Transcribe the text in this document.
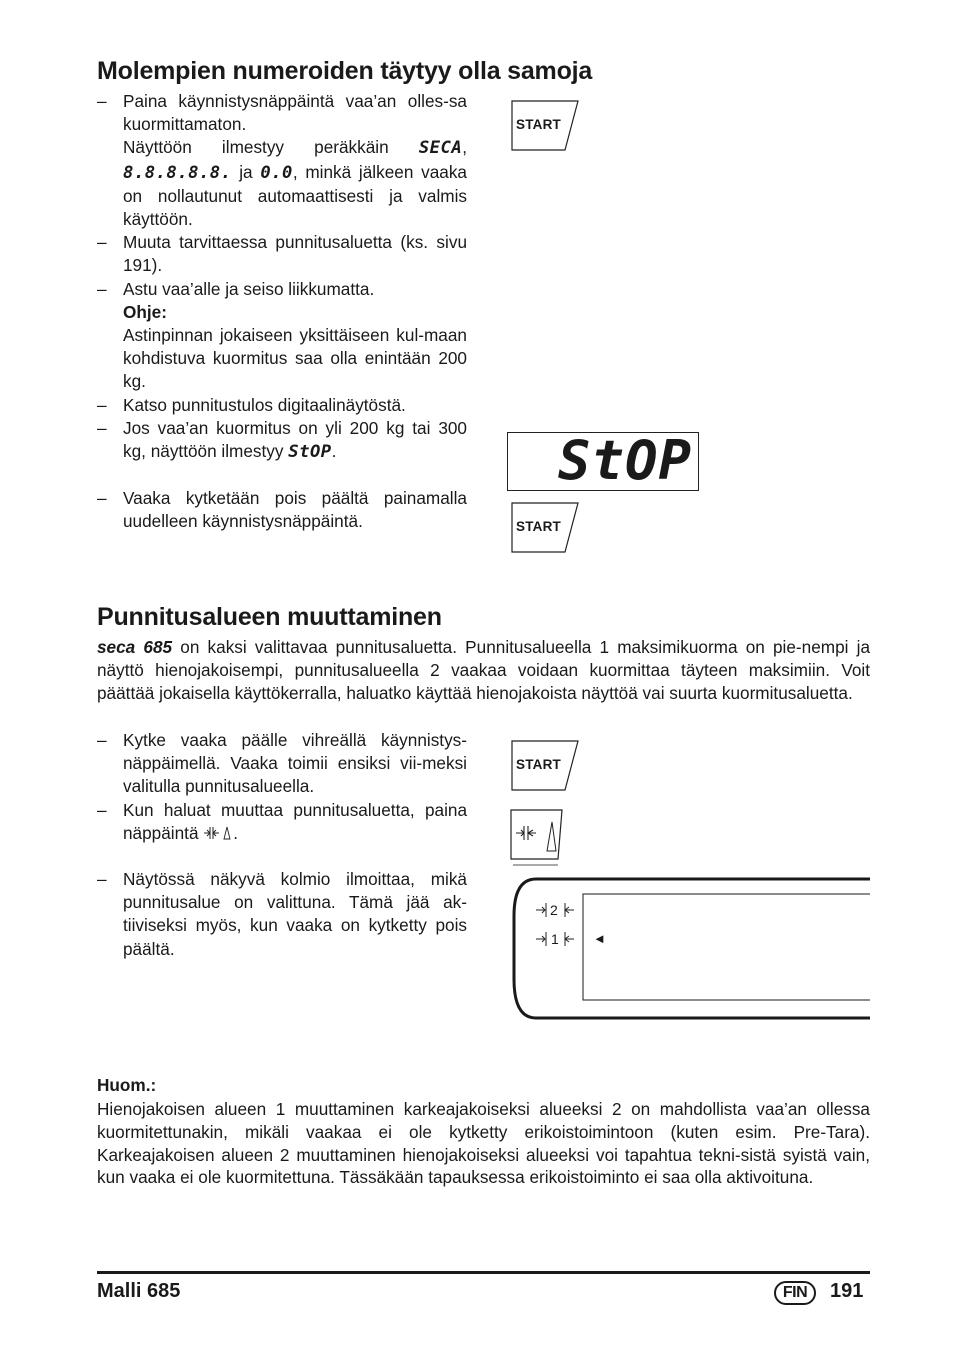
Molempien numeroiden täytyy olla samoja
– Paina käynnistysnäppäintä vaa’an olles-sa kuormittamaton.
Näyttöön ilmestyy peräkkäin SECA, 8.8.8.8.8. ja 0.0, minkä jälkeen vaaka on nollautunut automaattisesti ja valmis käyttöön.
– Muuta tarvittaessa punnitusaluetta (ks. sivu 191).
– Astu vaa’alle ja seiso liikkumatta.
Ohje:
Astinpinnan jokaiseen yksittäiseen kul-maan kohdistuva kuormitus saa olla enintään 200 kg.
– Katso punnitustulos digitaalinäytöstä.
– Jos vaa’an kuormitus on yli 200 kg tai 300 kg, näyttöön ilmestyy StOP.
– Vaaka kytketään pois päältä painamalla uudelleen käynnistysnäppäintä.
START
StOP
START
Punnitusalueen muuttaminen
seca 685 on kaksi valittavaa punnitusaluetta. Punnitusalueella 1 maksimikuorma on pie-nempi ja näyttö hienojakoisempi, punnitusalueella 2 vaakaa voidaan kuormittaa täyteen maksimiin. Voit päättää jokaisella käyttökerralla, haluatko käyttää hienojakoista näyttöä vai suurta kuormitusaluetta.
– Kytke vaaka päälle vihreällä käynnistys-näppäimellä. Vaaka toimii ensiksi vii-meksi valitulla punnitusalueella.
– Kun haluat muuttaa punnitusaluetta, paina näppäintä .
– Näytössä näkyvä kolmio ilmoittaa, mikä punnitusalue on valittuna. Tämä jää ak-tiiviseksi myös, kun vaaka on kytketty pois päältä.
START
2
1	◄
Huom.:
Hienojakoisen alueen 1 muuttaminen karkeajakoiseksi alueeksi 2 on mahdollista vaa’an ollessa kuormitettunakin, mikäli vaakaa ei ole kytketty erikoistoimintoon (kuten esim. Pre-Tara). Karkeajakoisen alueen 2 muuttaminen hienojakoiseksi alueeksi voi tapahtua tekni-sistä syistä vain, kun vaaka ei ole kuormitettuna. Tässäkään tapauksessa erikoistoiminto ei saa olla aktivoituna.
Malli 685	FIN	191
